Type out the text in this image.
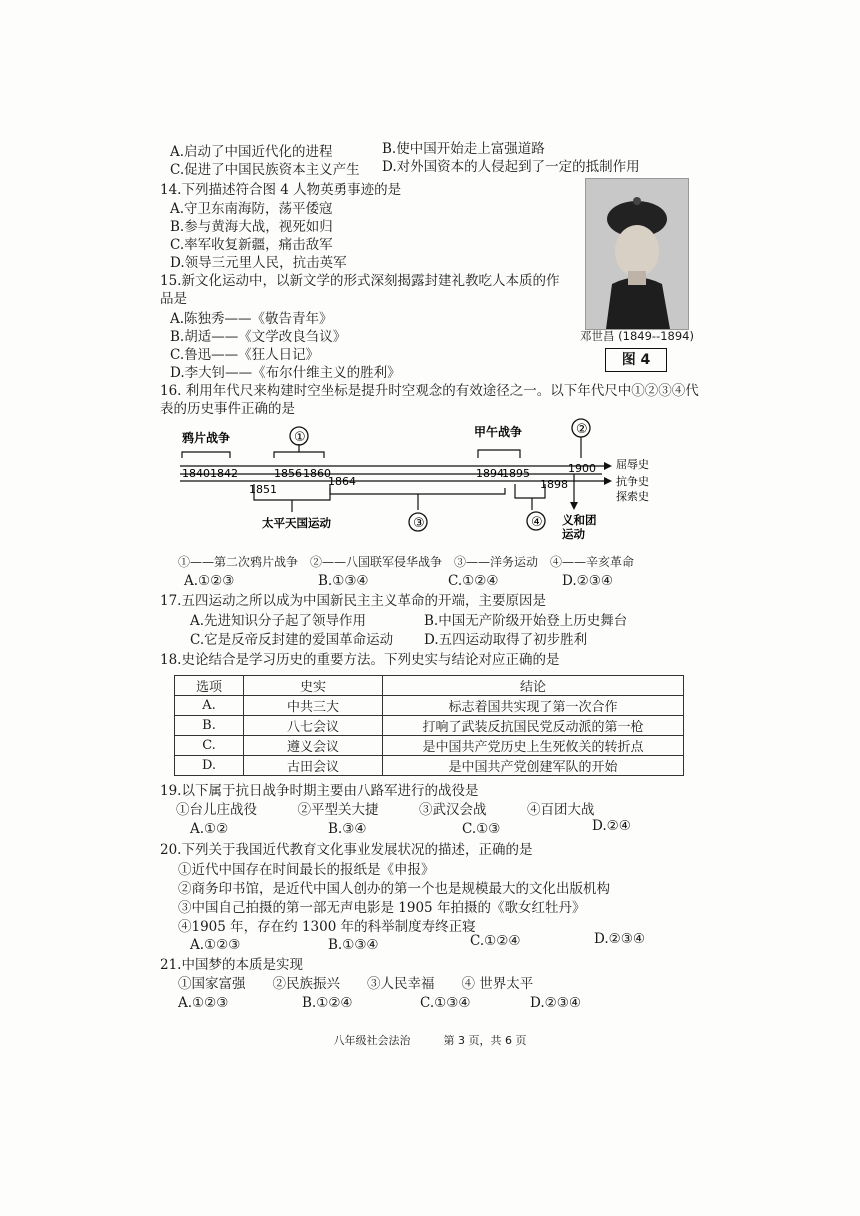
A.启动了中国近代化的进程	B.使中国开始走上富强道路
C.促进了中国民族资本主义产生 D.对外国资本的人侵起到了一定的抵制作用
14.下列描述符合图 4 人物英勇事迹的是
A.守卫东南海防，荡平倭寇
B.参与黄海大战，视死如归
C.率军收复新疆，痛击敌军
D.领导三元里人民，抗击英军
邓世昌 (1849--1894)
图 4
15.新文化运动中，以新文学的形式深刻揭露封建礼教吃人本质的作
品是
A.陈独秀——《敬告青年》
B.胡适——《文学改良刍议》
C.鲁迅——《狂人日记》
D.李大钊——《布尔什维主义的胜利》
16. 利用年代尺来构建时空坐标是提升时空观念的有效途径之一。以下年代尺中①②③④代
表的历史事件正确的是
鸦片战争	甲午战争
①
②
1840 1842	1856 1860
1851
1864
1894
1895
1898
1900 屈辱史
抗争史
探索史
太平天国运动	③	④ 义和团
运动
①——第二次鸦片战争　②——八国联军侵华战争　③——洋务运动　④——辛亥革命
A.①②③	B.①③④	C.①②④	D.②③④
17.五四运动之所以成为中国新民主主义革命的开端，主要原因是
A.先进知识分子起了领导作用	B.中国无产阶级开始登上历史舞台
C.它是反帝反封建的爱国革命运动 D.五四运动取得了初步胜利
18.史论结合是学习历史的重要方法。下列史实与结论对应正确的是
选项	史实	结论
A.	中共三大	标志着国共实现了第一次合作
B.	八七会议	打响了武装反抗国民党反动派的第一枪
C.	遵义会议	是中国共产党历史上生死攸关的转折点
D.	古田会议	是中国共产党创建军队的开始
19.以下属于抗日战争时期主要由八路军进行的战役是
①台儿庄战役　　　②平型关大捷　　　③武汉会战　　　④百团大战
A.①②	B.③④	C.①③	D.②④
20.下列关于我国近代教育文化事业发展状况的描述，正确的是
①近代中国存在时间最长的报纸是《申报》
②商务印书馆，是近代中国人创办的第一个也是规模最大的文化出版机构
③中国自己拍摄的第一部无声电影是 1905 年拍摄的《歌女红牡丹》
④1905 年，存在约 1300 年的科举制度寿终正寝
A.①②③	B.①③④	C.①②④	D.②③④
21.中国梦的本质是实现
①国家富强　　②民族振兴　　③人民幸福　　④ 世界太平
A.①②③	B.①②④	C.①③④	D.②③④
八年级社会法治　　　第 3 页，共 6 页
